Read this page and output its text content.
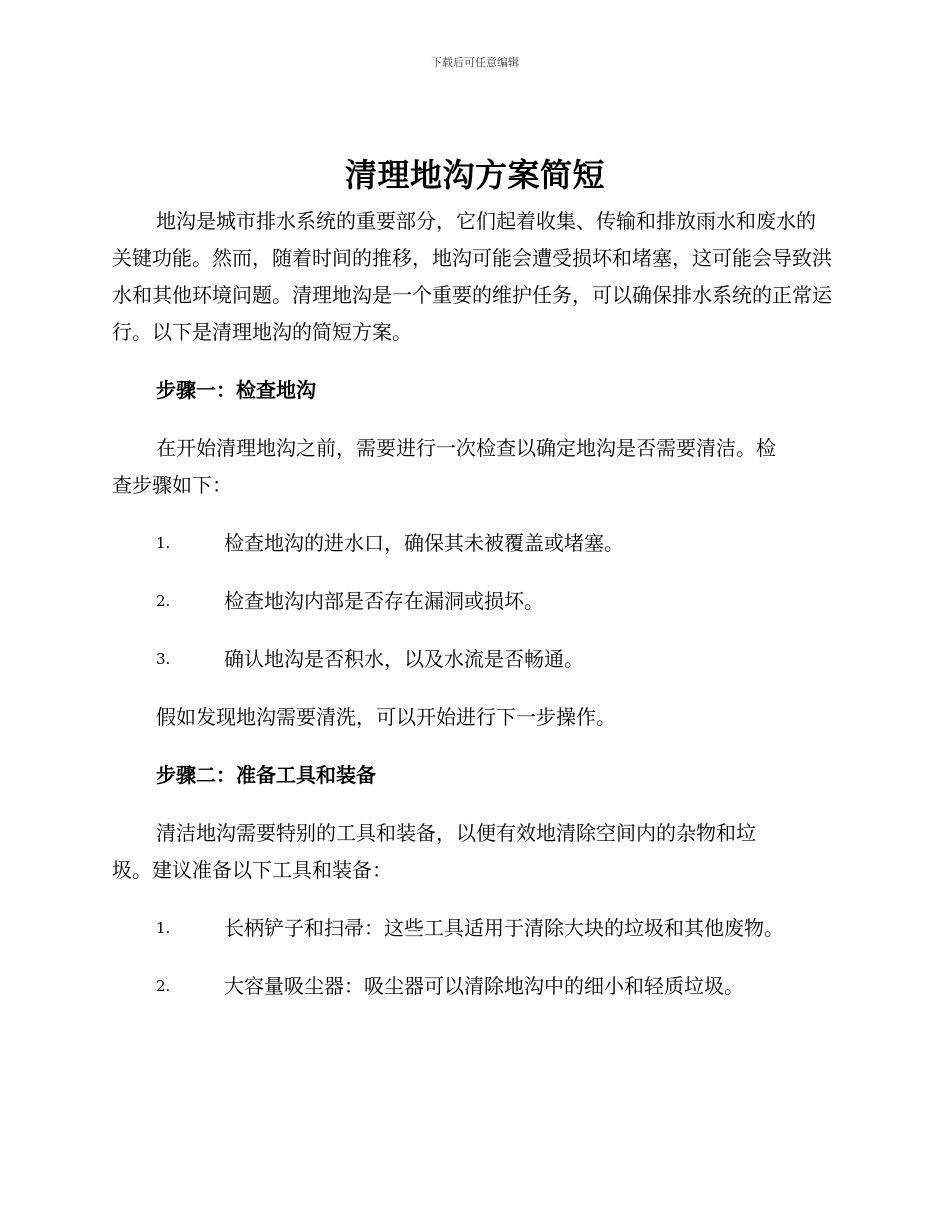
下载后可任意编辑
清理地沟方案简短

地沟是城市排水系统的重要部分，它们起着收集、传输和排放雨水和废水的关键功能。然而，随着时间的推移，地沟可能会遭受损坏和堵塞，这可能会导致洪水和其他环境问题。清理地沟是一个重要的维护任务，可以确保排水系统的正常运行。以下是清理地沟的简短方案。

步骤一：检查地沟

在开始清理地沟之前，需要进行一次检查以确定地沟是否需要清洁。检

查步骤如下：

1.	检查地沟的进水口，确保其未被覆盖或堵塞。
2.	检查地沟内部是否存在漏洞或损坏。
3.	确认地沟是否积水，以及水流是否畅通。

假如发现地沟需要清洗，可以开始进行下一步操作。

步骤二：准备工具和装备

清洁地沟需要特别的工具和装备，以便有效地清除空间内的杂物和垃

圾。建议准备以下工具和装备：

1.	长柄铲子和扫帚：这些工具适用于清除大块的垃圾和其他废物。
2.	大容量吸尘器：吸尘器可以清除地沟中的细小和轻质垃圾。
